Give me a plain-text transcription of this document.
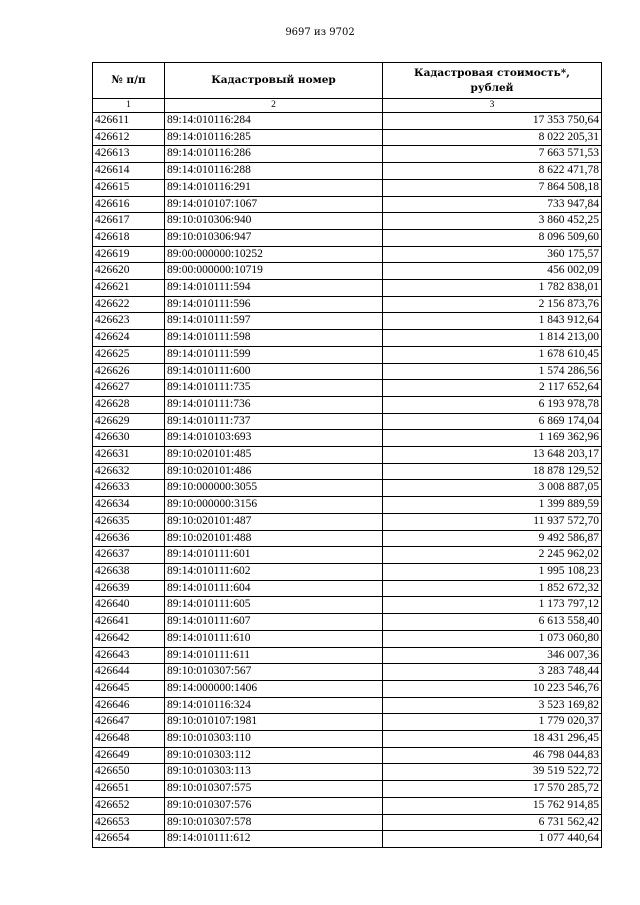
9697 из 9702
№ п/п	Кадастровый номер	Кадастровая стоимость*,
рублей
1	2	3
426611	89:14:010116:284	17 353 750,64
426612	89:14:010116:285	8 022 205,31
426613	89:14:010116:286	7 663 571,53
426614	89:14:010116:288	8 622 471,78
426615	89:14:010116:291	7 864 508,18
426616	89:14:010107:1067	733 947,84
426617	89:10:010306:940	3 860 452,25
426618	89:10:010306:947	8 096 509,60
426619	89:00:000000:10252	360 175,57
426620	89:00:000000:10719	456 002,09
426621	89:14:010111:594	1 782 838,01
426622	89:14:010111:596	2 156 873,76
426623	89:14:010111:597	1 843 912,64
426624	89:14:010111:598	1 814 213,00
426625	89:14:010111:599	1 678 610,45
426626	89:14:010111:600	1 574 286,56
426627	89:14:010111:735	2 117 652,64
426628	89:14:010111:736	6 193 978,78
426629	89:14:010111:737	6 869 174,04
426630	89:14:010103:693	1 169 362,96
426631	89:10:020101:485	13 648 203,17
426632	89:10:020101:486	18 878 129,52
426633	89:10:000000:3055	3 008 887,05
426634	89:10:000000:3156	1 399 889,59
426635	89:10:020101:487	11 937 572,70
426636	89:10:020101:488	9 492 586,87
426637	89:14:010111:601	2 245 962,02
426638	89:14:010111:602	1 995 108,23
426639	89:14:010111:604	1 852 672,32
426640	89:14:010111:605	1 173 797,12
426641	89:14:010111:607	6 613 558,40
426642	89:14:010111:610	1 073 060,80
426643	89:14:010111:611	346 007,36
426644	89:10:010307:567	3 283 748,44
426645	89:14:000000:1406	10 223 546,76
426646	89:14:010116:324	3 523 169,82
426647	89:10:010107:1981	1 779 020,37
426648	89:10:010303:110	18 431 296,45
426649	89:10:010303:112	46 798 044,83
426650	89:10:010303:113	39 519 522,72
426651	89:10:010307:575	17 570 285,72
426652	89:10:010307:576	15 762 914,85
426653	89:10:010307:578	6 731 562,42
426654	89:14:010111:612	1 077 440,64
